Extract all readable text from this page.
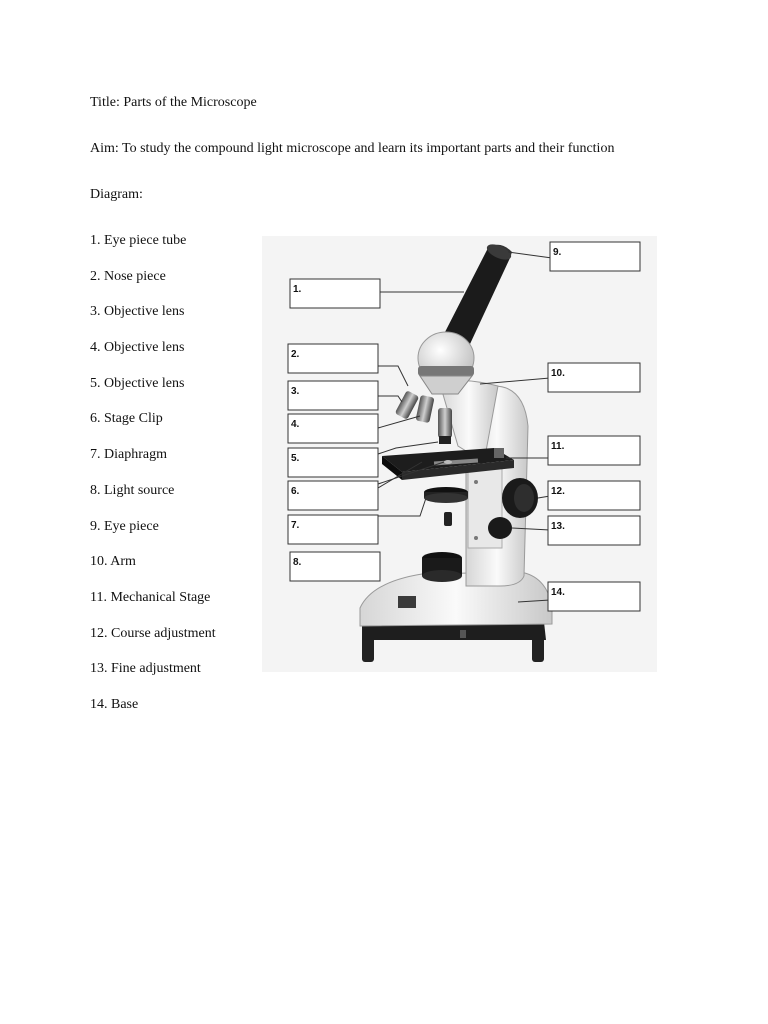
Title: Parts of the Microscope
Aim: To study the compound light microscope and learn its important parts and their function
Diagram:
1. Eye piece tube
2. Nose piece
3. Objective lens
4. Objective lens
5. Objective lens
6. Stage Clip
7. Diaphragm
8. Light source
9. Eye piece
10. Arm
11. Mechanical Stage
12. Course adjustment
13. Fine adjustment
14. Base
1.
2.
3.
4.
5.
6.
7.
8.
9.
10.
11.
12.
13.
14.
